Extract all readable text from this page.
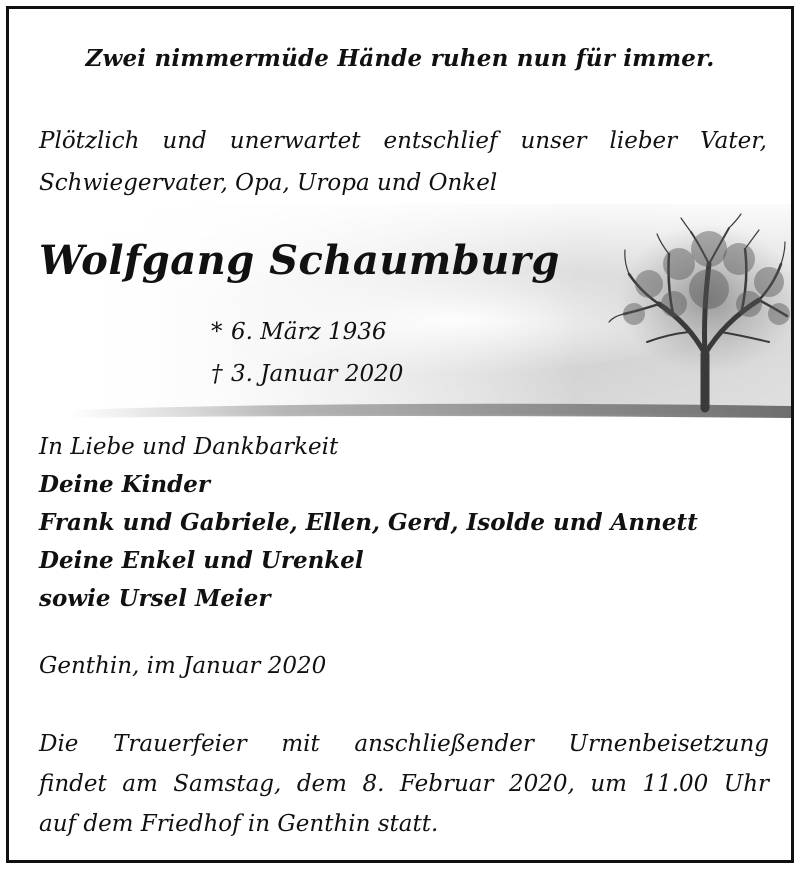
Zwei nimmermüde Hände ruhen nun für immer.
Plötzlich und unerwartet entschlief unser lieber Vater,
Schwiegervater, Opa, Uropa und Onkel
Wolfgang Schaumburg
* 6. März 1936
† 3. Januar 2020
In Liebe und Dankbarkeit
Deine Kinder
Frank und Gabriele, Ellen, Gerd, Isolde und Annett
Deine Enkel und Urenkel
sowie Ursel Meier
Genthin, im Januar 2020
Die Trauerfeier mit anschließender Urnenbeisetzung
findet am Samstag, dem 8. Februar 2020, um 11.00 Uhr
auf dem Friedhof in Genthin statt.
